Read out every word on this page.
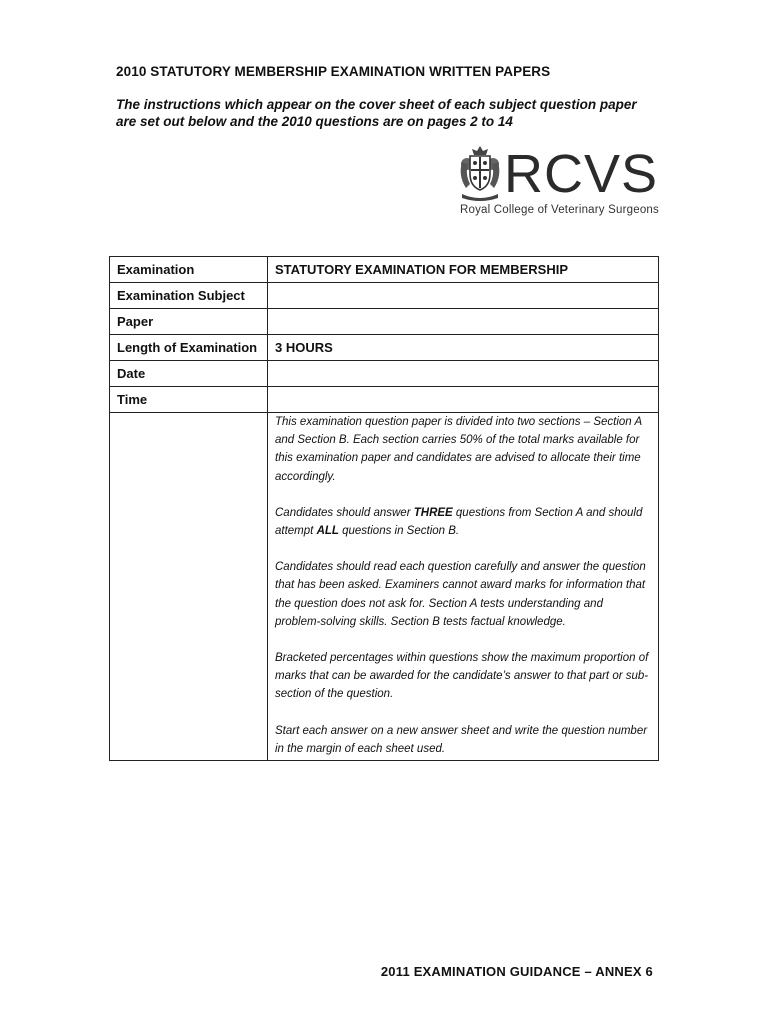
2010 STATUTORY MEMBERSHIP EXAMINATION WRITTEN PAPERS
The instructions which appear on the cover sheet of each subject question paper are set out below and the 2010 questions are on pages 2 to 14
RCVS
Royal College of Veterinary Surgeons
Examination	STATUTORY EXAMINATION FOR MEMBERSHIP
Examination Subject	
Paper	
Length of Examination	3 HOURS
Date	
Time	

	This examination question paper is divided into two sections – Section A and Section B. Each section carries 50% of the total marks available for this examination paper and candidates are advised to allocate their time accordingly.

Candidates should answer THREE questions from Section A and should attempt ALL questions in Section B.

Candidates should read each question carefully and answer the question that has been asked. Examiners cannot award marks for information that the question does not ask for. Section A tests understanding and problem-solving skills. Section B tests factual knowledge.

Bracketed percentages within questions show the maximum proportion of marks that can be awarded for the candidate’s answer to that part or sub-section of the question.

Start each answer on a new answer sheet and write the question number in the margin of each sheet used.

2011 EXAMINATION GUIDANCE – ANNEX 6
